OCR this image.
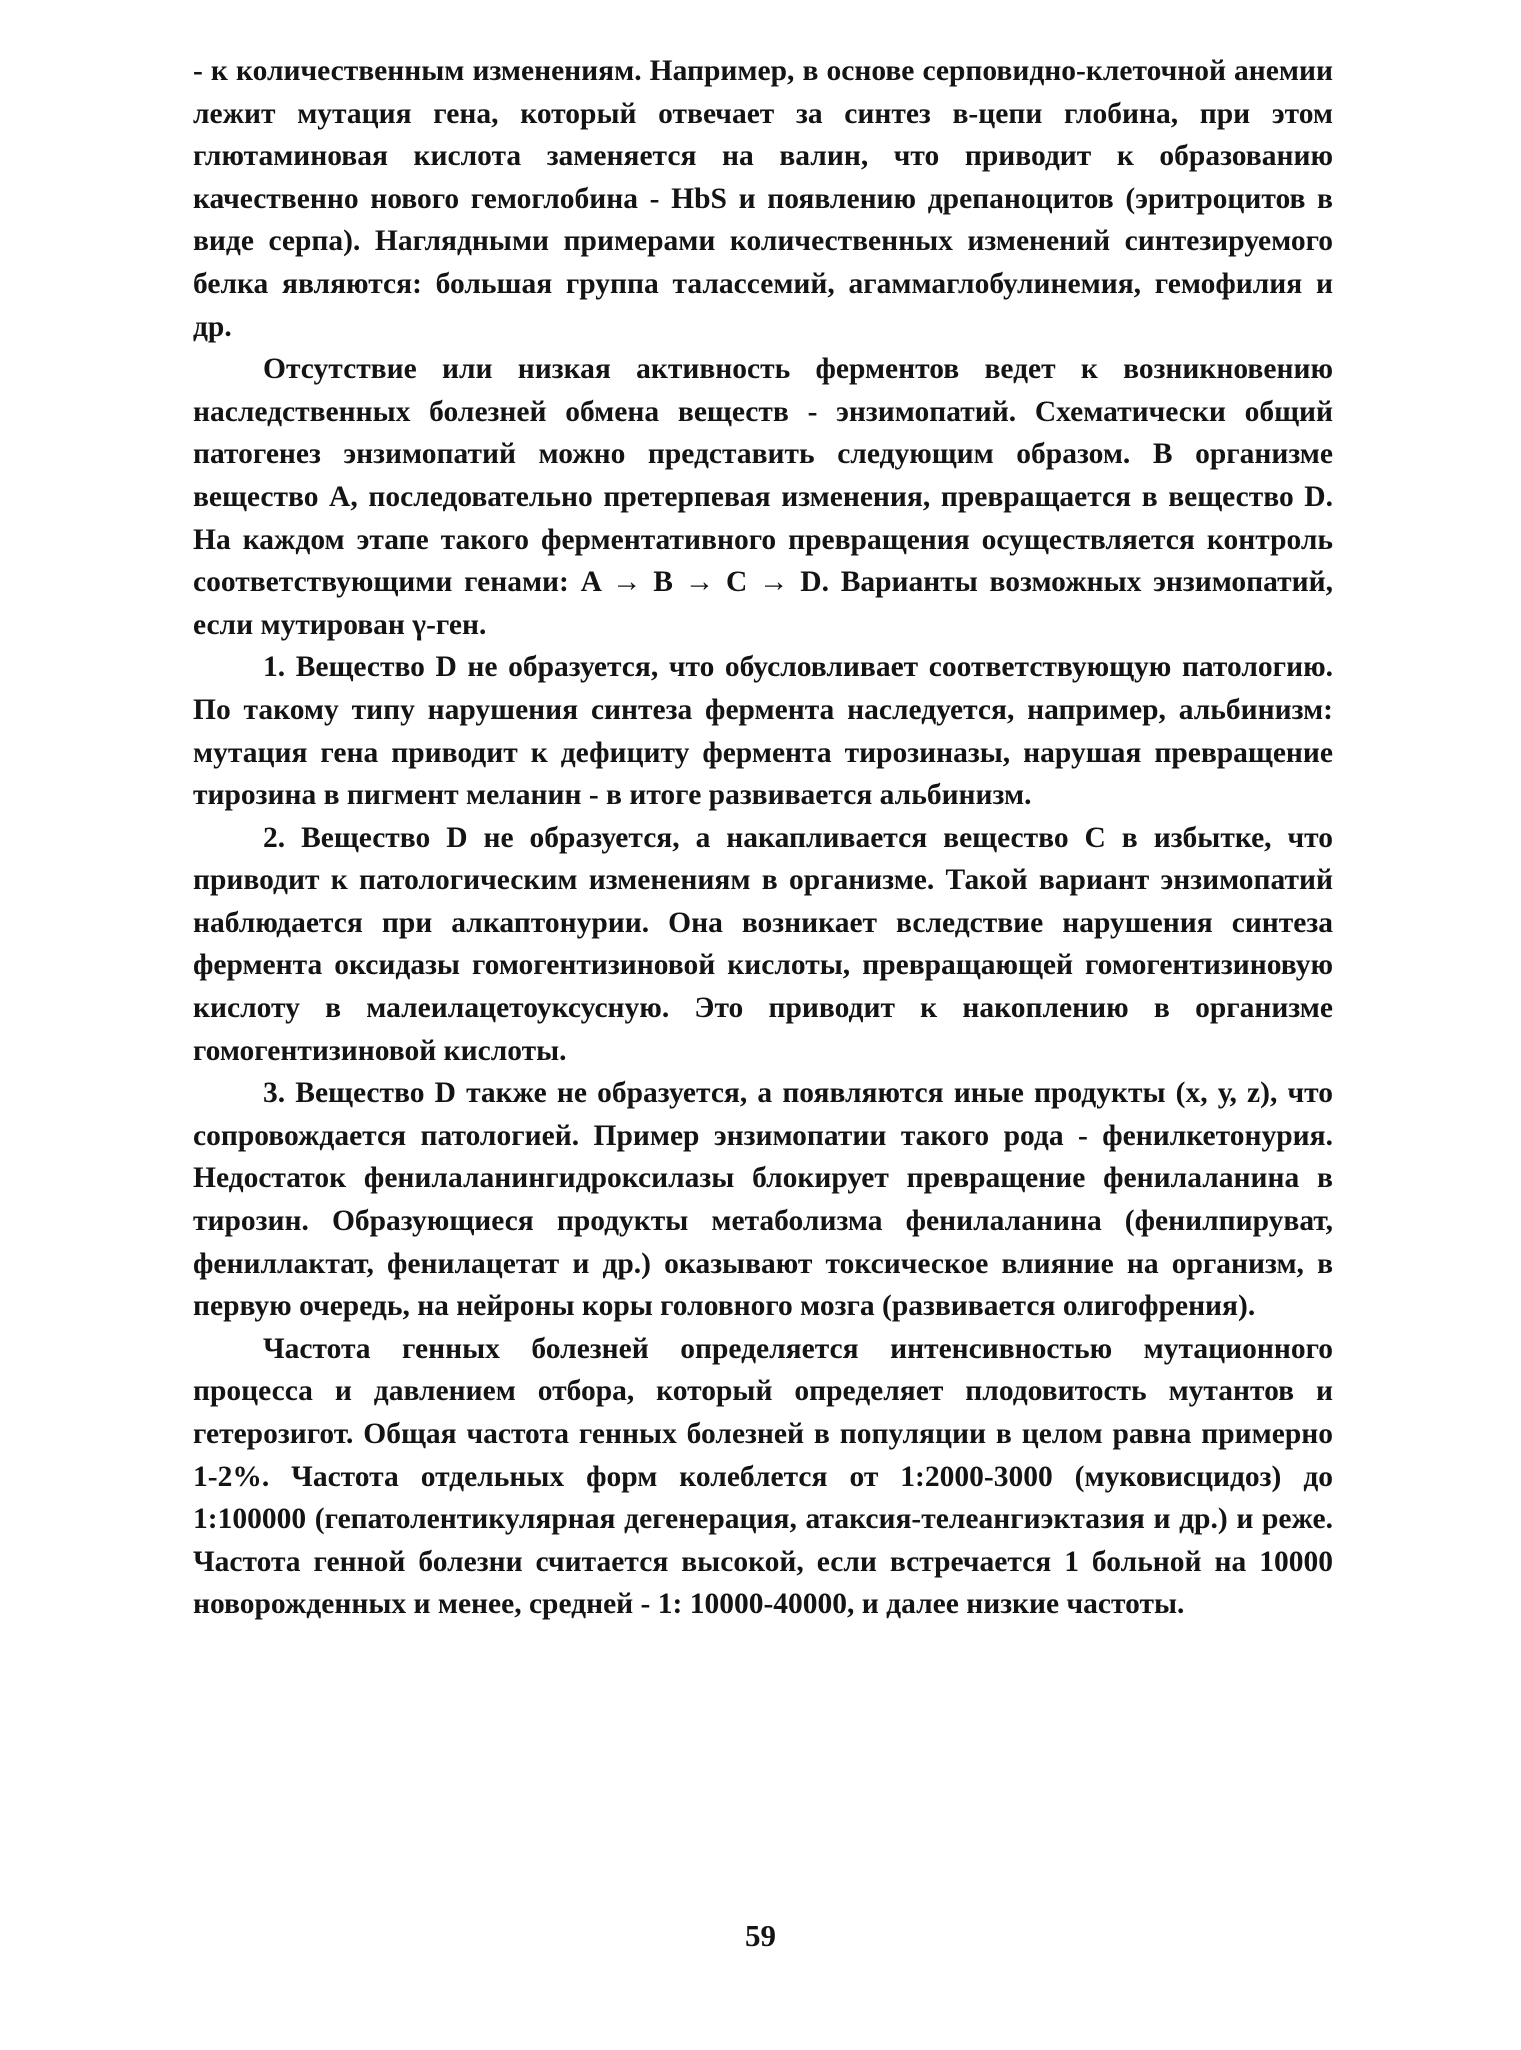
- к количественным изменениям. Например, в основе серповидно-клеточной анемии лежит мутация гена, который отвечает за синтез в-цепи глобина, при этом глютаминовая кислота заменяется на валин, что приводит к образованию качественно нового гемоглобина - HbS и появлению дрепаноцитов (эритроцитов в виде серпа). Наглядными примерами количественных изменений синтезируемого белка являются: большая группа талассемий, агаммаглобулинемия, гемофилия и др.

Отсутствие или низкая активность ферментов ведет к возникновению наследственных болезней обмена веществ - энзимопатий. Схематически общий патогенез энзимопатий можно представить следующим образом. В организме вещество А, последовательно претерпевая изменения, превращается в вещество D. На каждом этапе такого ферментативного превращения осуществляется контроль соответствующими генами: A → B → C → D. Варианты возможных энзимопатий, если мутирован γ-ген.

1. Вещество D не образуется, что обусловливает соответствующую патологию. По такому типу нарушения синтеза фермента наследуется, например, альбинизм: мутация гена приводит к дефициту фермента тирозиназы, нарушая превращение тирозина в пигмент меланин - в итоге развивается альбинизм.

2. Вещество D не образуется, а накапливается вещество С в избытке, что приводит к патологическим изменениям в организме. Такой вариант энзимопатий наблюдается при алкаптонурии. Она возникает вследствие нарушения синтеза фермента оксидазы гомогентизиновой кислоты, превращающей гомогентизиновую кислоту в малеилацетоуксусную. Это приводит к накоплению в организме гомогентизиновой кислоты.

3. Вещество D также не образуется, а появляются иные продукты (х, у, z), что сопровождается патологией. Пример энзимопатии такого рода - фенилкетонурия. Недостаток фенилаланингидроксилазы блокирует превращение фенилаланина в тирозин. Образующиеся продукты метаболизма фенилаланина (фенилпируват, фениллактат, фенилацетат и др.) оказывают токсическое влияние на организм, в первую очередь, на нейроны коры головного мозга (развивается олигофрения).

Частота генных болезней определяется интенсивностью мутационного процесса и давлением отбора, который определяет плодовитость мутантов и гетерозигот. Общая частота генных болезней в популяции в целом равна примерно 1-2%. Частота отдельных форм колеблется от 1:2000-3000 (муковисцидоз) до 1:100000 (гепатолентикулярная дегенерация, атаксия-телеангиэктазия и др.) и реже. Частота генной болезни считается высокой, если встречается 1 больной на 10000 новорожденных и менее, средней - 1: 10000-40000, и далее низкие частоты.

59
